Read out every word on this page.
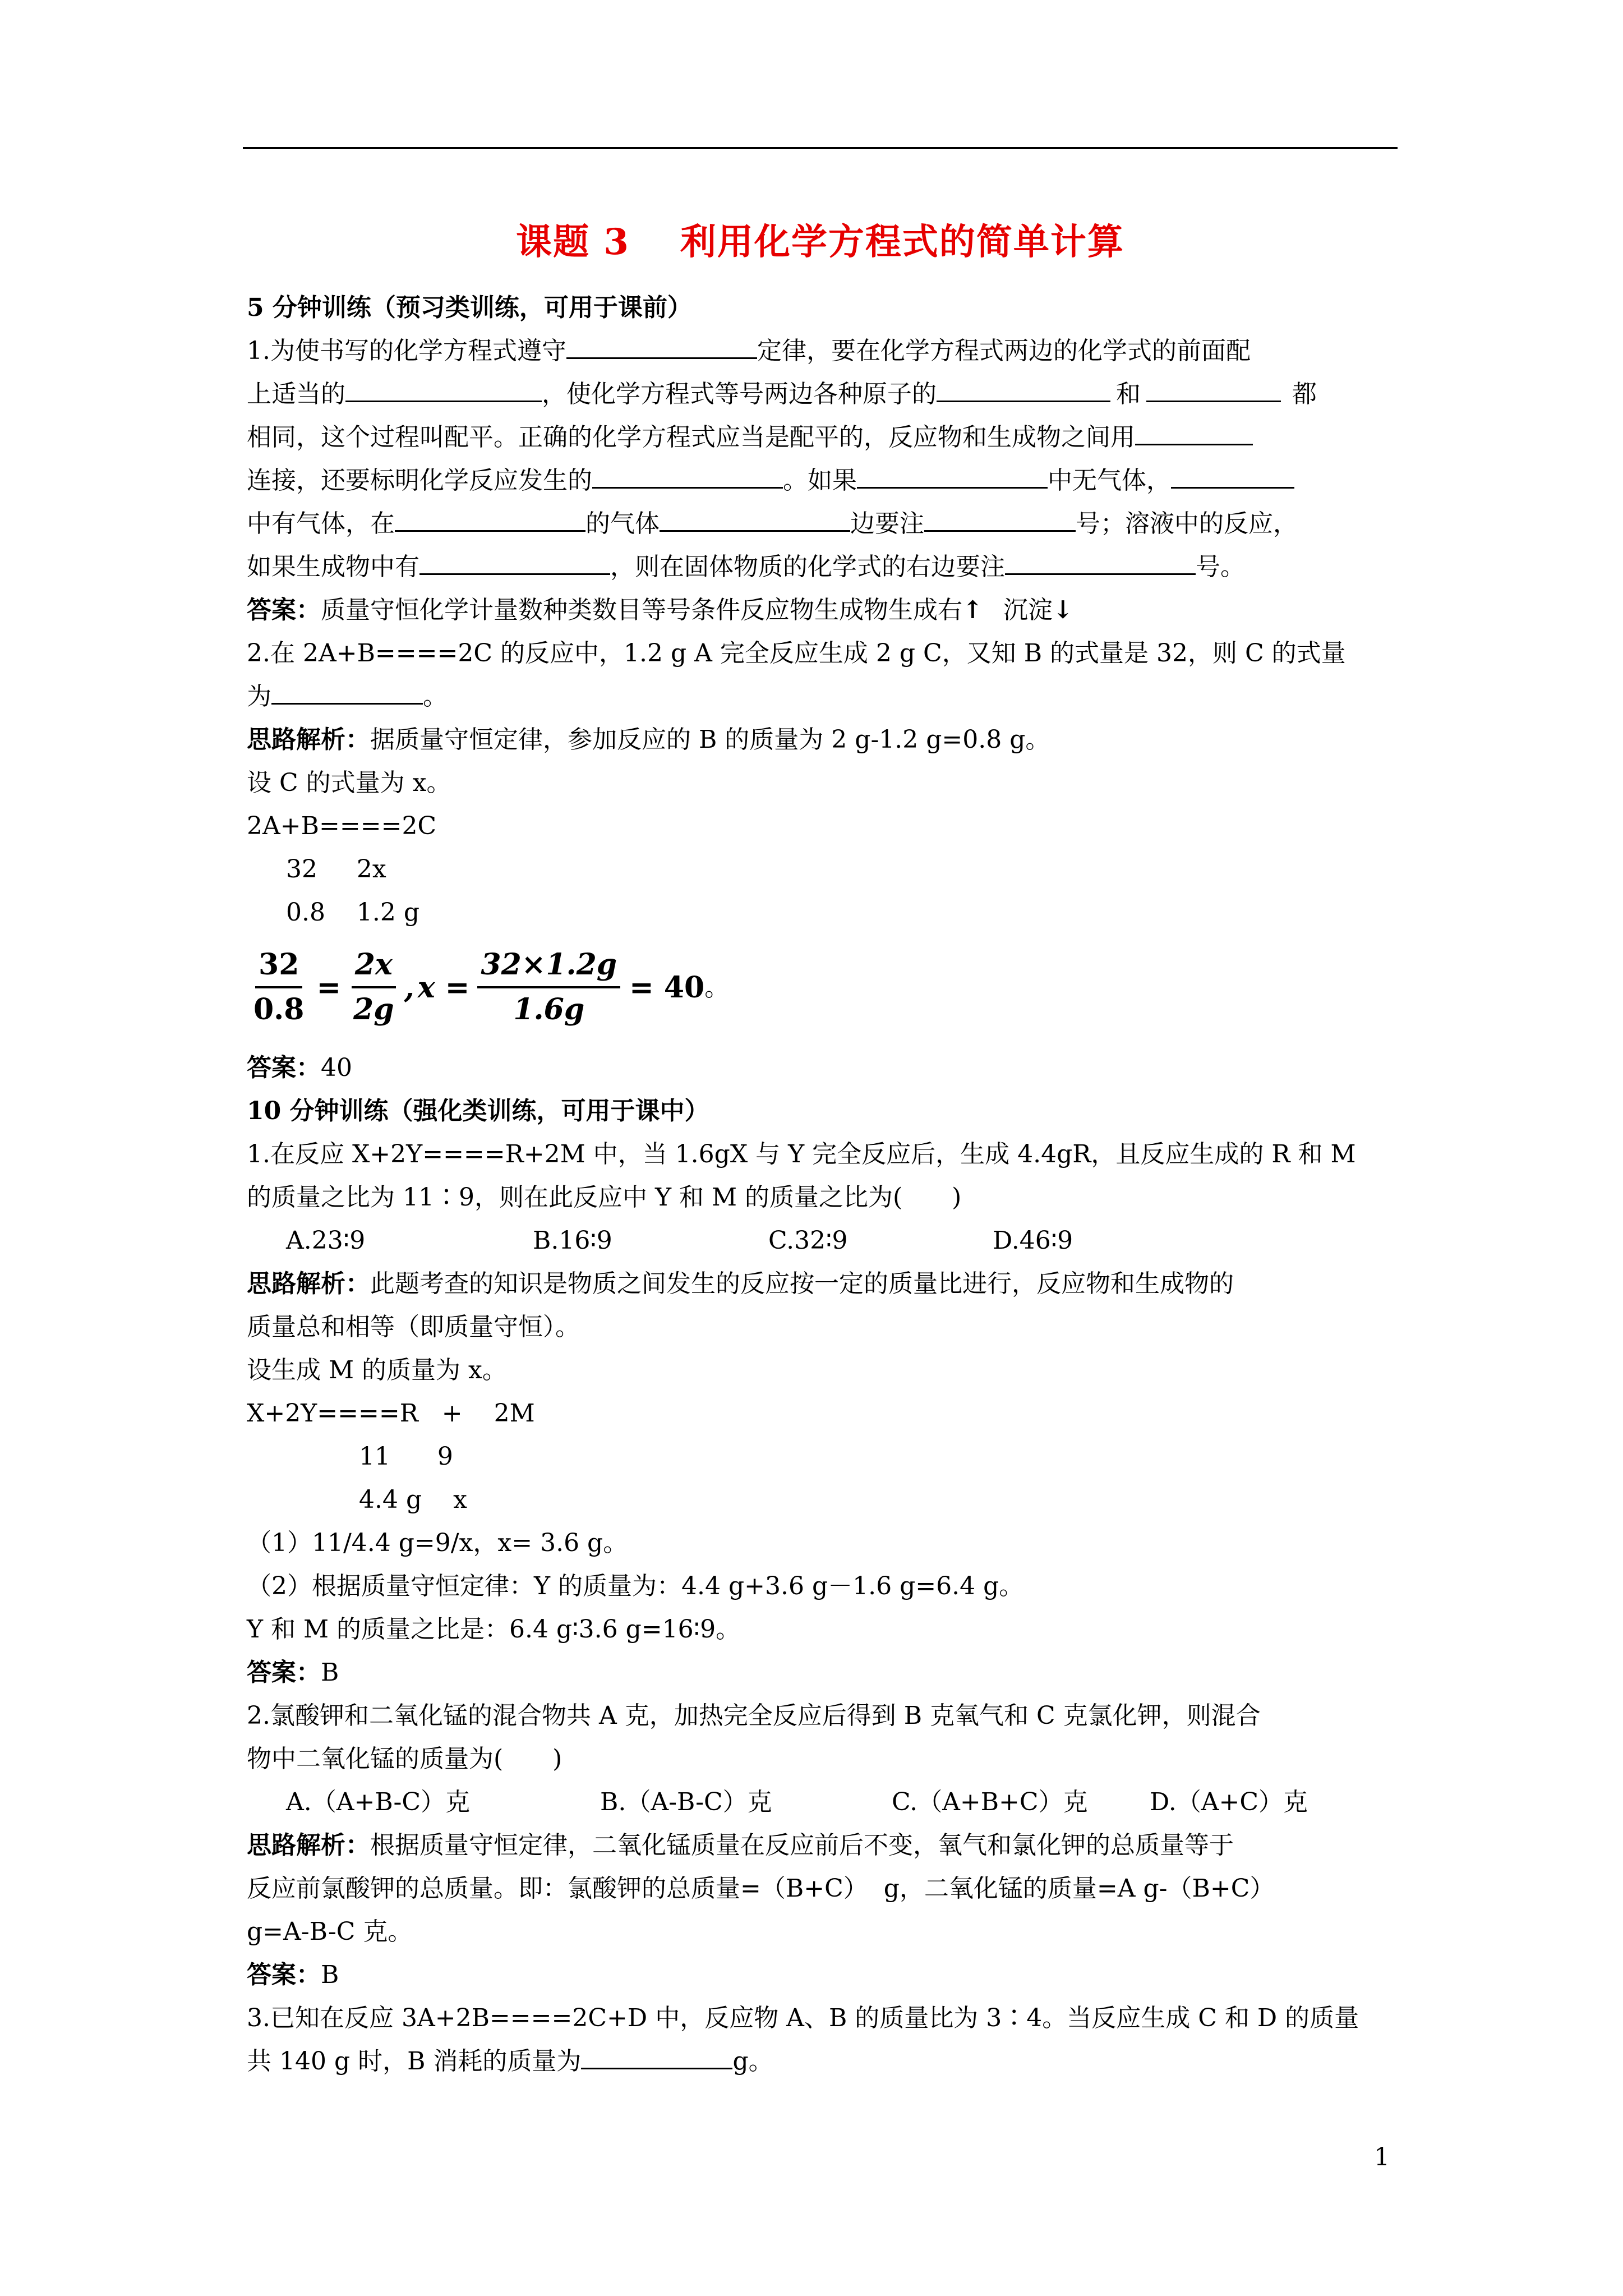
课题 3 利用化学方程式的简单计算
5 分钟训练（预习类训练，可用于课前）
1.为使书写的化学方程式遵守	定律，要在化学方程式两边的化学式的前面配
上适当的	，使化学方程式等号两边各种原子的	和	都
相同，这个过程叫配平。正确的化学方程式应当是配平的，反应物和生成物之间用
连接，还要标明化学反应发生的	。如果	中无气体，
中有气体，在	的气体	边要注	号；溶液中的反应，
如果生成物中有	，则在固体物质的化学式的右边要注	号。
答案：质量守恒化学计量数种类数目等号条件反应物生成物生成右↑ 沉淀↓
2.在 2A+B====2C 的反应中，1.2 g A 完全反应生成 2 g C，又知 B 的式量是 32，则 C 的式量
为	。
思路解析：据质量守恒定律，参加反应的 B 的质量为 2 g-1.2 g=0.8 g。
设 C 的式量为 x。
2A+B====2C
32     2x
0.8    1.2 g
$\frac{32}{0.8} = \frac{2x}{2g}$ , $x = \frac{32\times 1.2g}{1.6g} = 40$ 。
答案：40
10 分钟训练（强化类训练，可用于课中）
1.在反应 X+2Y====R+2M 中，当 1.6gX 与 Y 完全反应后，生成 4.4gR，且反应生成的 R 和 M
的质量之比为 11∶9，则在此反应中 Y 和 M 的质量之比为(　　)
A.23∶9	B.16∶9	C.32∶9	D.46∶9
思路解析：此题考查的知识是物质之间发生的反应按一定的质量比进行，反应物和生成物的
质量总和相等（即质量守恒）。
设生成 M 的质量为 x。
X+2Y====R   +    2M
11      9
4.4 g    x
（1）11/4.4 g=9/x，x= 3.6 g。
（2）根据质量守恒定律：Y 的质量为：4.4 g+3.6 g－1.6 g=6.4 g。
Y 和 M 的质量之比是：6.4 g∶3.6 g=16∶9。
答案：B
2.氯酸钾和二氧化锰的混合物共 A 克，加热完全反应后得到 B 克氧气和 C 克氯化钾，则混合
物中二氧化锰的质量为(　　)
A.（A+B-C）克	B.（A-B-C）克	C.（A+B+C）克	D.（A+C）克
思路解析：根据质量守恒定律，二氧化锰质量在反应前后不变，氧气和氯化钾的总质量等于
反应前氯酸钾的总质量。即：氯酸钾的总质量=（B+C）  g，二氧化锰的质量=A g-（B+C）
g=A-B-C 克。
答案：B
3.已知在反应 3A+2B====2C+D 中，反应物 A、B 的质量比为 3∶4。当反应生成 C 和 D 的质量
共 140 g 时，B 消耗的质量为	g。
1
